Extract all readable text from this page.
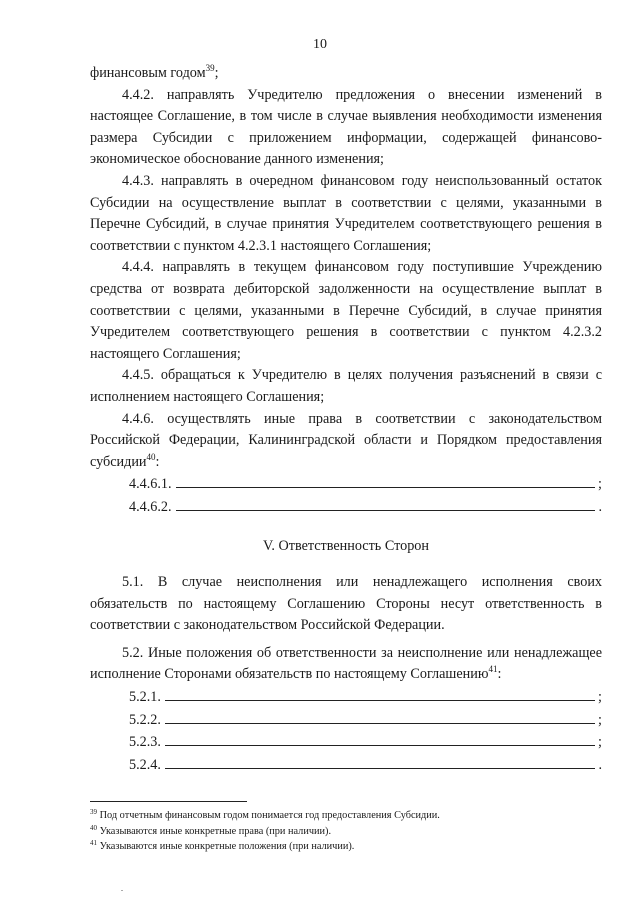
10

финансовым годом$^{39}$;

4.4.2. направлять Учредителю предложения о внесении изменений в настоящее Соглашение, в том числе в случае выявления необходимости изменения размера Субсидии с приложением информации, содержащей финансово-экономическое обоснование данного изменения;

4.4.3. направлять в очередном финансовом году неиспользованный остаток Субсидии на осуществление выплат в соответствии с целями, указанными в Перечне Субсидий, в случае принятия Учредителем соответствующего решения в соответствии с пунктом 4.2.3.1 настоящего Соглашения;

4.4.4. направлять в текущем финансовом году поступившие Учреждению средства от возврата дебиторской задолженности на осуществление выплат в соответствии с целями, указанными в Перечне Субсидий, в случае принятия Учредителем соответствующего решения в соответствии с пунктом 4.2.3.2 настоящего Соглашения;

4.4.5. обращаться к Учредителю в целях получения разъяснений в связи с исполнением настоящего Соглашения;

4.4.6. осуществлять иные права в соответствии с законодательством Российской Федерации, Калининградской области и Порядком предоставления субсидии$^{40}$:

4.4.6.1.	;
4.4.6.2.	.
V. Ответственность Сторон

5.1. В случае неисполнения или ненадлежащего исполнения своих обязательств по настоящему Соглашению Стороны несут ответственность в соответствии с законодательством Российской Федерации.

5.2. Иные положения об ответственности за неисполнение или ненадлежащее исполнение Сторонами обязательств по настоящему Соглашению$^{41}$:

5.2.1.	;
5.2.2.	;
5.2.3.	;
5.2.4.	.

$^{39}$ Под отчетным финансовым годом понимается год предоставления Субсидии.

$^{40}$ Указываются иные конкретные права (при наличии).

$^{41}$ Указываются иные конкретные положения (при наличии).

.
